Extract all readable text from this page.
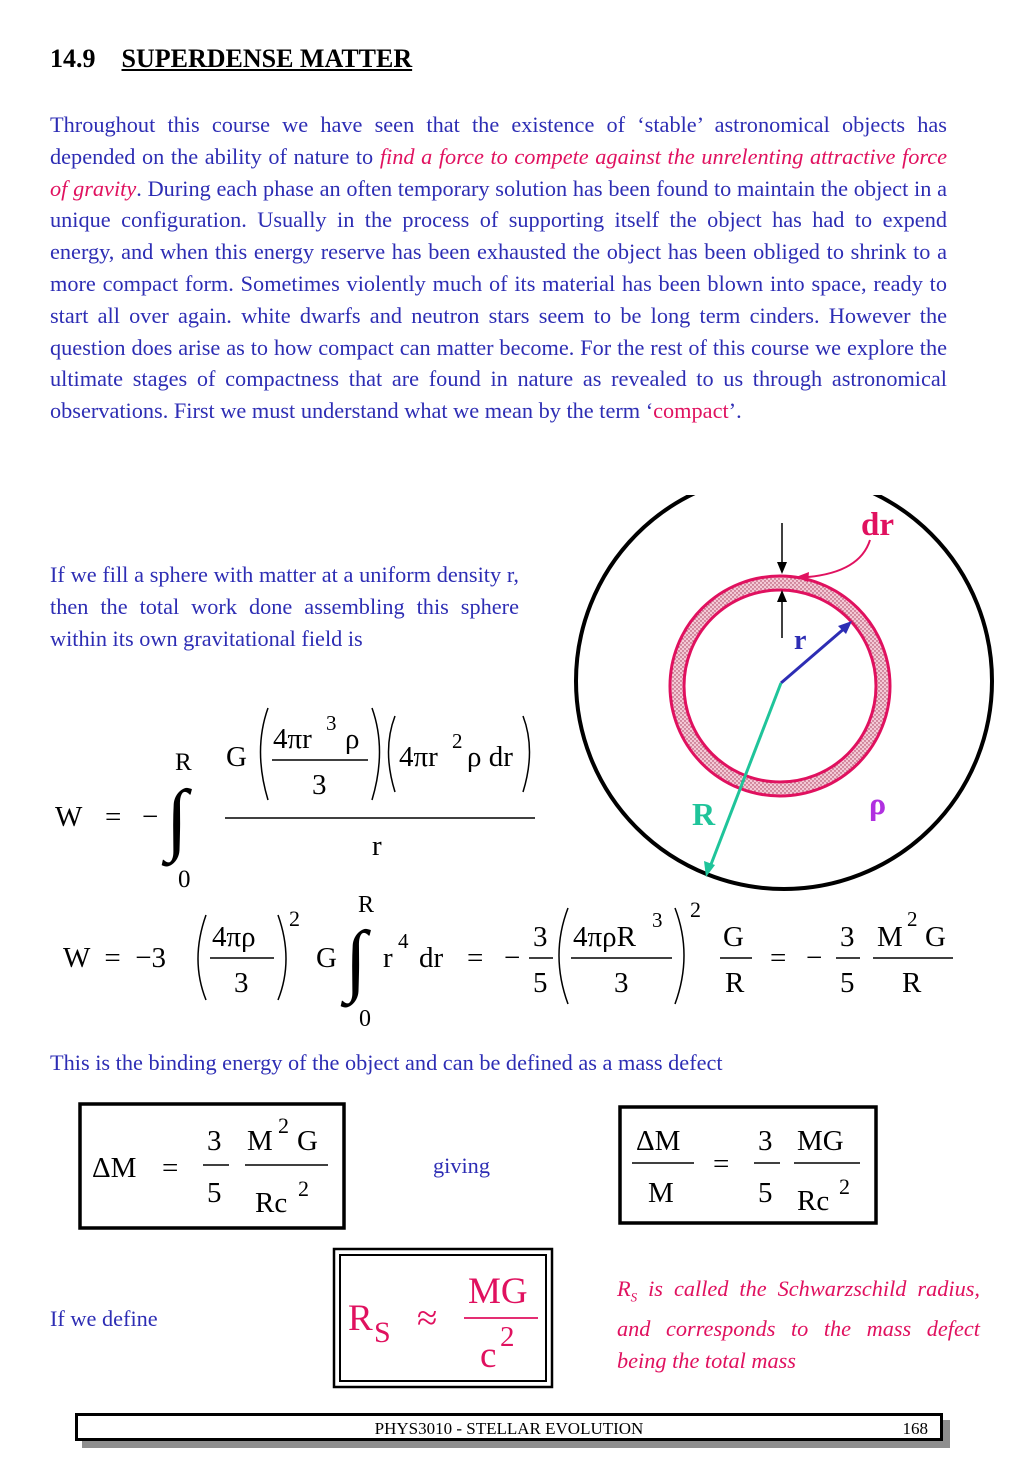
14.9 SUPERDENSE MATTER
Throughout this course we have seen that the existence of ‘stable’ astronomical objects has depended on the ability of nature to find a force to compete against the unrelenting attractive force of gravity. During each phase an often temporary solution has been found to maintain the object in a unique configuration. Usually in the process of supporting itself the object has had to expend energy, and when this energy reserve has been exhausted the object has been obliged to shrink to a more compact form. Sometimes violently much of its material has been blown into space, ready to start all over again. white dwarfs and neutron stars seem to be long term cinders. However the question does arise as to how compact can matter become. For the rest of this course we explore the ultimate stages of compactness that are found in nature as revealed to us through astronomical observations. First we must understand what we mean by the term ‘compact’.
If we fill a sphere with matter at a uniform density r, then the total work done assembling this sphere within its own gravitational field is
dr
r
R	ρ
W = −
R
0
∫
G
4πr 3 ρ
3
4πr 2 ρ dr
r
W  =  −3
4πρ
3
2
G
R
0
∫ r
4
dr = −
3
5
4πρR
3
3
2
G
R
= −
3
5
M
2
G
R
This is the binding energy of the object and can be defined as a mass defect
ΔM =
3
5
M 2 G
Rc 2
giving
ΔM
M
=
3
5
MG
Rc 2
If we define	R S ≈
MG
c 2
$R_S$ is called the Schwarzschild radius, and corresponds to the mass defect being the total mass
PHYS3010 - STELLAR EVOLUTION	168
